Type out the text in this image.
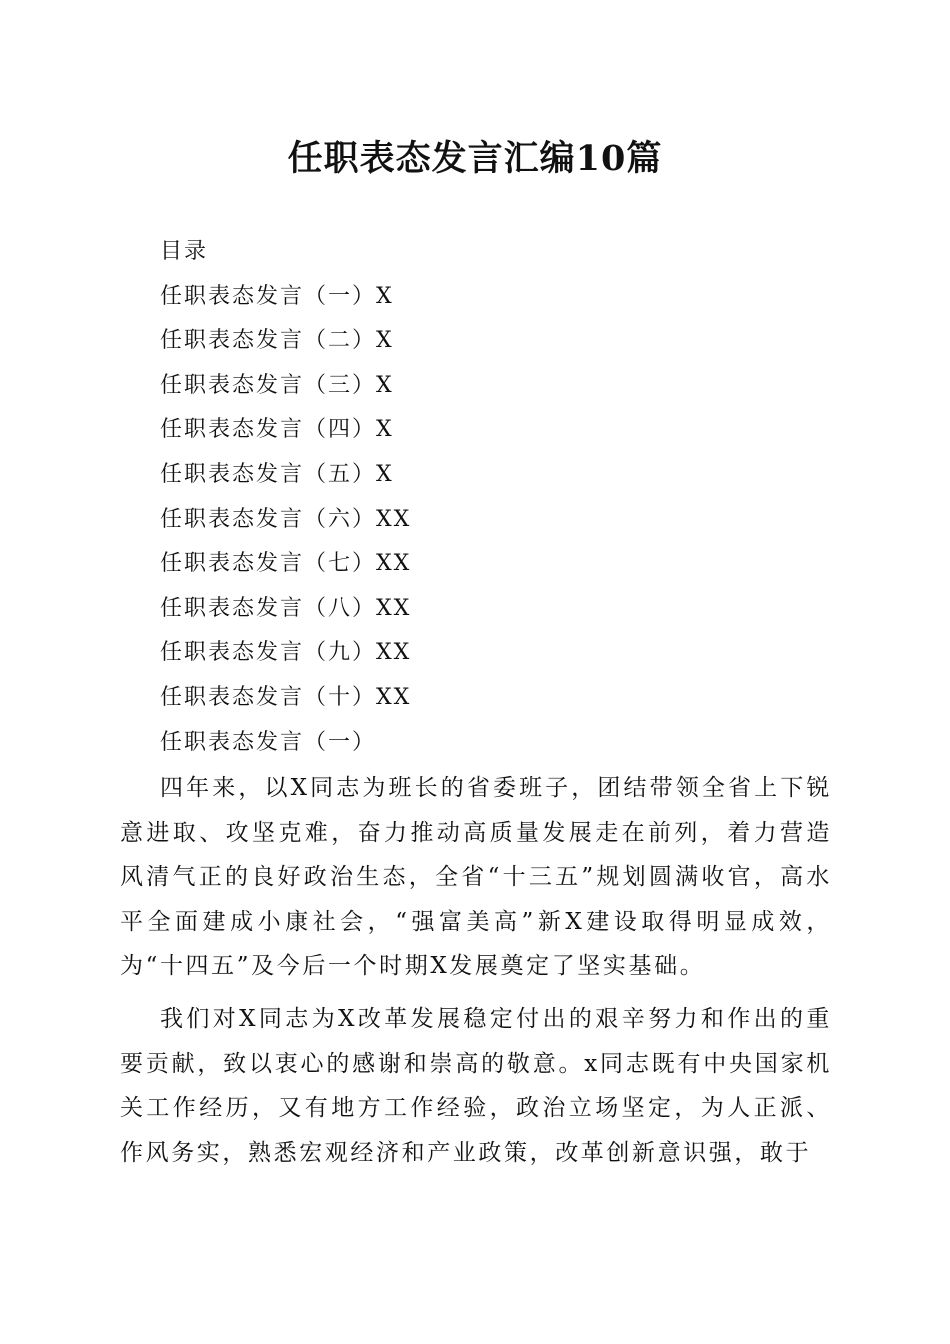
任职表态发言汇编10篇
目录
任职表态发言（一）X
任职表态发言（二）X
任职表态发言（三）X
任职表态发言（四）X
任职表态发言（五）X
任职表态发言（六）XX
任职表态发言（七）XX
任职表态发言（八）XX
任职表态发言（九）XX
任职表态发言（十）XX
任职表态发言（一）

四年来，以X同志为班长的省委班子，团结带领全省上下锐意进取、攻坚克难，奋力推动高质量发展走在前列，着力营造风清气正的良好政治生态，全省“十三五”规划圆满收官，高水平全面建成小康社会，“强富美高”新X建设取得明显成效，为“十四五”及今后一个时期X发展奠定了坚实基础。

我们对X同志为X改革发展稳定付出的艰辛努力和作出的重要贡献，致以衷心的感谢和崇高的敬意。x同志既有中央国家机关工作经历，又有地方工作经验，政治立场坚定，为人正派、作风务实，熟悉宏观经济和产业政策，改革创新意识强，敢于
